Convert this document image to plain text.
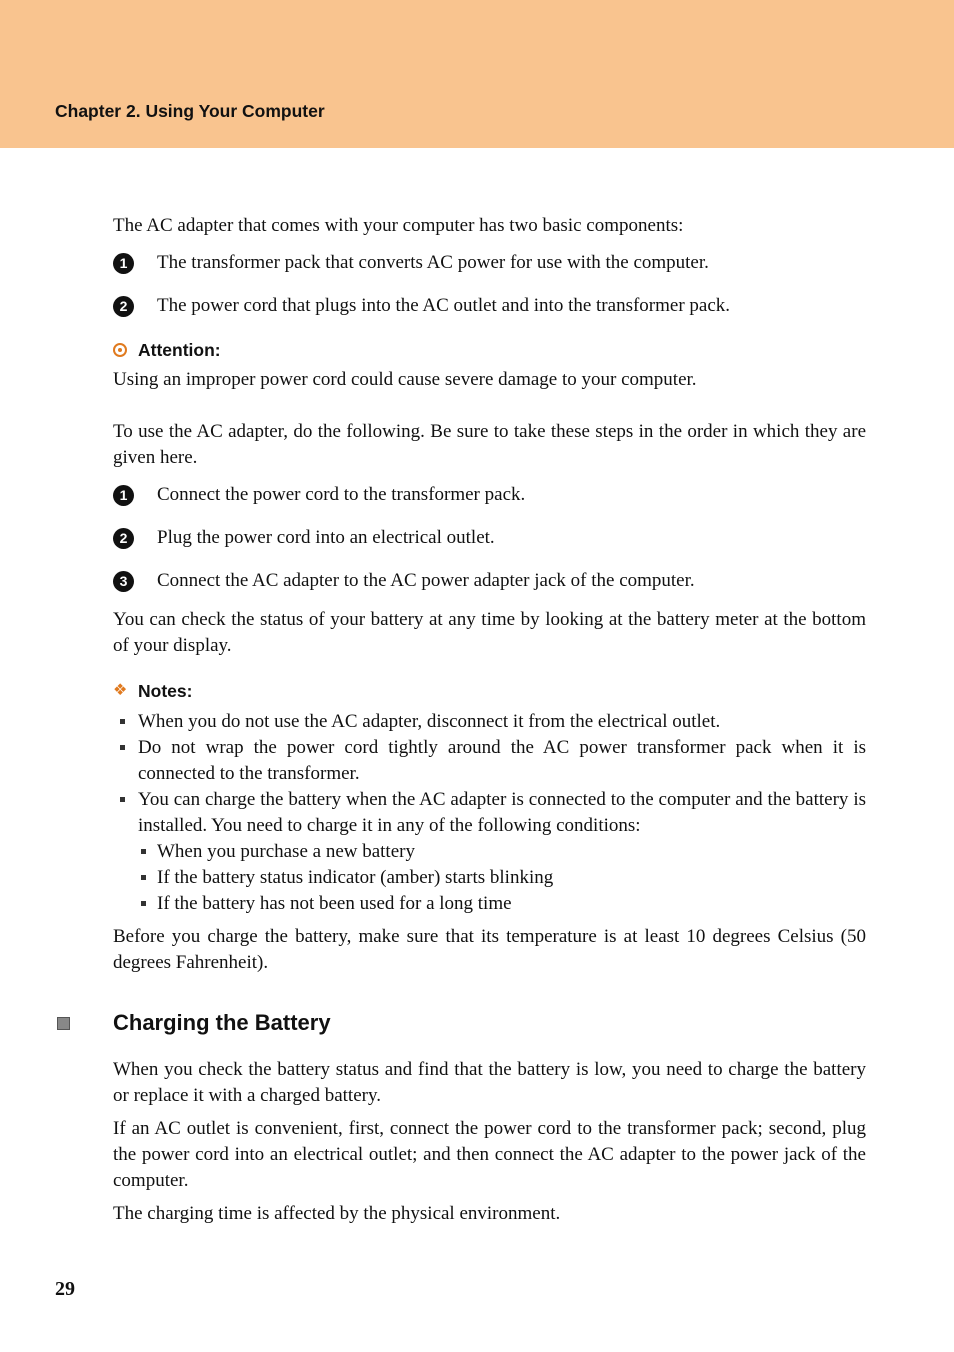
Chapter 2. Using Your Computer

The AC adapter that comes with your computer has two basic components:

1	The transformer pack that converts AC power for use with the computer.
2	The power cord that plugs into the AC outlet and into the transformer pack.
Attention:

Using an improper power cord could cause severe damage to your computer.

To use the AC adapter, do the following. Be sure to take these steps in the order in which they are given here.

1	Connect the power cord to the transformer pack.
2	Plug the power cord into an electrical outlet.
3	Connect the AC adapter to the AC power adapter jack of the computer.

You can check the status of your battery at any time by looking at the battery meter at the bottom of your display.

❖ Notes:
When you do not use the AC adapter, disconnect it from the electrical outlet.
Do not wrap the power cord tightly around the AC power transformer pack when it is connected to the transformer.
You can charge the battery when the AC adapter is connected to the computer and the battery is installed. You need to charge it in any of the following conditions:
When you purchase a new battery
If the battery status indicator (amber) starts blinking
If the battery has not been used for a long time

Before you charge the battery, make sure that its temperature is at least 10 degrees Celsius (50 degrees Fahrenheit).

Charging the Battery

When you check the battery status and find that the battery is low, you need to charge the battery or replace it with a charged battery.

If an AC outlet is convenient, first, connect the power cord to the transformer pack; second, plug the power cord into an electrical outlet; and then connect the AC adapter to the power jack of the computer.

The charging time is affected by the physical environment.

29
